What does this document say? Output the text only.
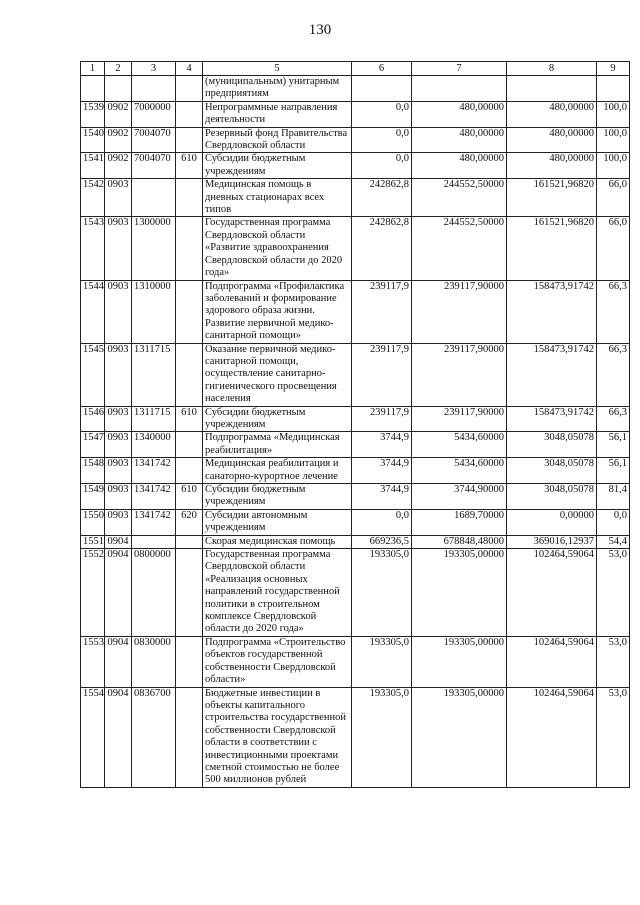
130
1	2	3	4	5	6	7	8	9
				(муниципальным) унитарным предприятиям				
1539	0902	7000000		Непрограммные направления деятельности	0,0	480,00000	480,00000	100,0
1540	0902	7004070		Резервный фонд Правительства Свердловской области	0,0	480,00000	480,00000	100,0
1541	0902	7004070	610	Субсидии бюджетным учреждениям	0,0	480,00000	480,00000	100,0
1542	0903			Медицинская помощь в дневных стационарах всех типов	242862,8	244552,50000	161521,96820	66,0
1543	0903	1300000		Государственная программа Свердловской области «Развитие здравоохранения Свердловской области до 2020 года»	242862,8	244552,50000	161521,96820	66,0
1544	0903	1310000		Подпрограмма «Профилактика заболеваний и формирование здорового образа жизни. Развитие первичной медико-санитарной помощи»	239117,9	239117,90000	158473,91742	66,3
1545	0903	1311715		Оказание первичной медико-санитарной помощи, осуществление санитарно-гигиенического просвещения населения	239117,9	239117,90000	158473,91742	66,3
1546	0903	1311715	610	Субсидии бюджетным учреждениям	239117,9	239117,90000	158473,91742	66,3
1547	0903	1340000		Подпрограмма «Медицинская реабилитация»	3744,9	5434,60000	3048,05078	56,1
1548	0903	1341742		Медицинская реабилитация и санаторно-курортное лечение	3744,9	5434,60000	3048,05078	56,1
1549	0903	1341742	610	Субсидии бюджетным учреждениям	3744,9	3744,90000	3048,05078	81,4
1550	0903	1341742	620	Субсидии автономным учреждениям	0,0	1689,70000	0,00000	0,0
1551	0904			Скорая медицинская помощь	669236,5	678848,48000	369016,12937	54,4
1552	0904	0800000		Государственная программа Свердловской области «Реализация основных направлений государственной политики в строительном комплексе Свердловской области до 2020 года»	193305,0	193305,00000	102464,59064	53,0
1553	0904	0830000		Подпрограмма «Строительство объектов государственной собственности Свердловской области»	193305,0	193305,00000	102464,59064	53,0
1554	0904	0836700		Бюджетные инвестиции в объекты капитального строительства государственной собственности Свердловской области в соответствии с инвестиционными проектами сметной стоимостью не более 500 миллионов рублей	193305,0	193305,00000	102464,59064	53,0
